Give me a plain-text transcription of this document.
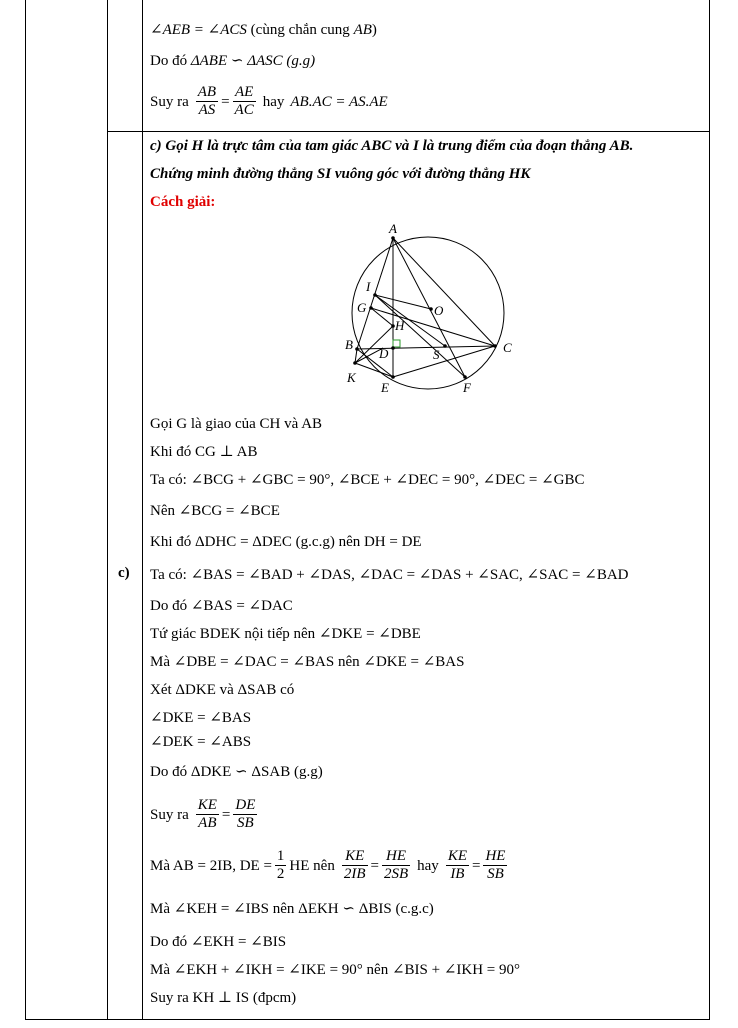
c)
∠AEB = ∠ACS (cùng chắn cung AB)
Do đó ΔABE ∽ ΔASC (g.g)
Suy ra $\frac{AB}{AS} = \frac{AE}{AC}$ hay AB.AC = AS.AE
c) Gọi H là trực tâm của tam giác ABC và I là trung điểm của đoạn thẳng AB.
Chứng minh đường thẳng SI vuông góc với đường thẳng HK
Cách giải:
A
I
G	O
H
B
D	S	C
K
E	F
Gọi G là giao của CH và AB
Khi đó CG ⊥ AB
Ta có: ∠BCG + ∠GBC = 90°, ∠BCE + ∠DEC = 90°, ∠DEC = ∠GBC
Nên ∠BCG = ∠BCE
Khi đó ΔDHC = ΔDEC (g.c.g) nên DH = DE
Ta có: ∠BAS = ∠BAD + ∠DAS, ∠DAC = ∠DAS + ∠SAC, ∠SAC = ∠BAD
Do đó ∠BAS = ∠DAC
Tứ giác BDEK nội tiếp nên ∠DKE = ∠DBE
Mà ∠DBE = ∠DAC = ∠BAS nên ∠DKE = ∠BAS
Xét ΔDKE và ΔSAB có
∠DKE = ∠BAS
∠DEK = ∠ABS
Do đó ΔDKE ∽ ΔSAB (g.g)
Suy ra $\frac{KE}{AB} = \frac{DE}{SB}$
Mà AB = 2IB, DE = $\frac{1}{2}$ HE nên $\frac{KE}{2IB} = \frac{HE}{2SB}$ hay $\frac{KE}{IB} = \frac{HE}{SB}$
Mà ∠KEH = ∠IBS nên ΔEKH ∽ ΔBIS (c.g.c)
Do đó ∠EKH = ∠BIS
Mà ∠EKH + ∠IKH = ∠IKE = 90° nên ∠BIS + ∠IKH = 90°
Suy ra KH ⊥ IS (đpcm)
